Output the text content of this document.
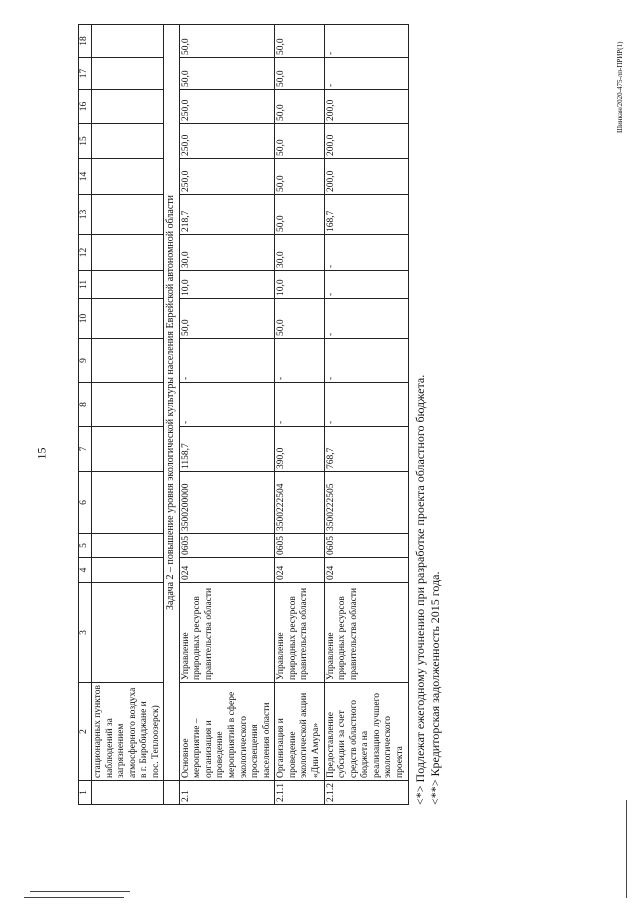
15
Шинкан/2020-475-лп-ПРИР(1)
1	2	3	4	5	6	7	8	9	10	11	12	13	14	15	16	17	18
	стационарных пунктов наблюдений за загрязнением атмосферного воздуха в г. Биробиджане и пос. Теплоозерск)																
	Задача 2 – повышение уровня экологической культуры населения Еврейской автономной области																
2.1	Основное мероприятие – организация и проведение мероприятий в сфере экологического просвещения населения области	Управление природных ресурсов правительства области	024	0605	3500200000	1158,7	-	-	50,0	10,0	30,0	218,7	250,0	250,0	250,0	50,0	50,0
2.1.1	Организация и проведение экологической акции «Дни Амура»	Управление природных ресурсов правительства области	024	0605	3500222504	390,0	-	-	50,0	10,0	30,0	50,0	50,0	50,0	50,0	50,0	50,0
2.1.2	Предоставление субсидии за счет средств областного бюджета на реализацию лучшего экологического проекта	Управление природных ресурсов правительства области	024	0605	3500222505	768,7	-	-	-	-	-	168,7	200,0	200,0	200,0	-	-
<*> Подлежат ежегодному уточнению при разработке проекта областного бюджета. <**> Кредиторская задолженность 2015 года.
